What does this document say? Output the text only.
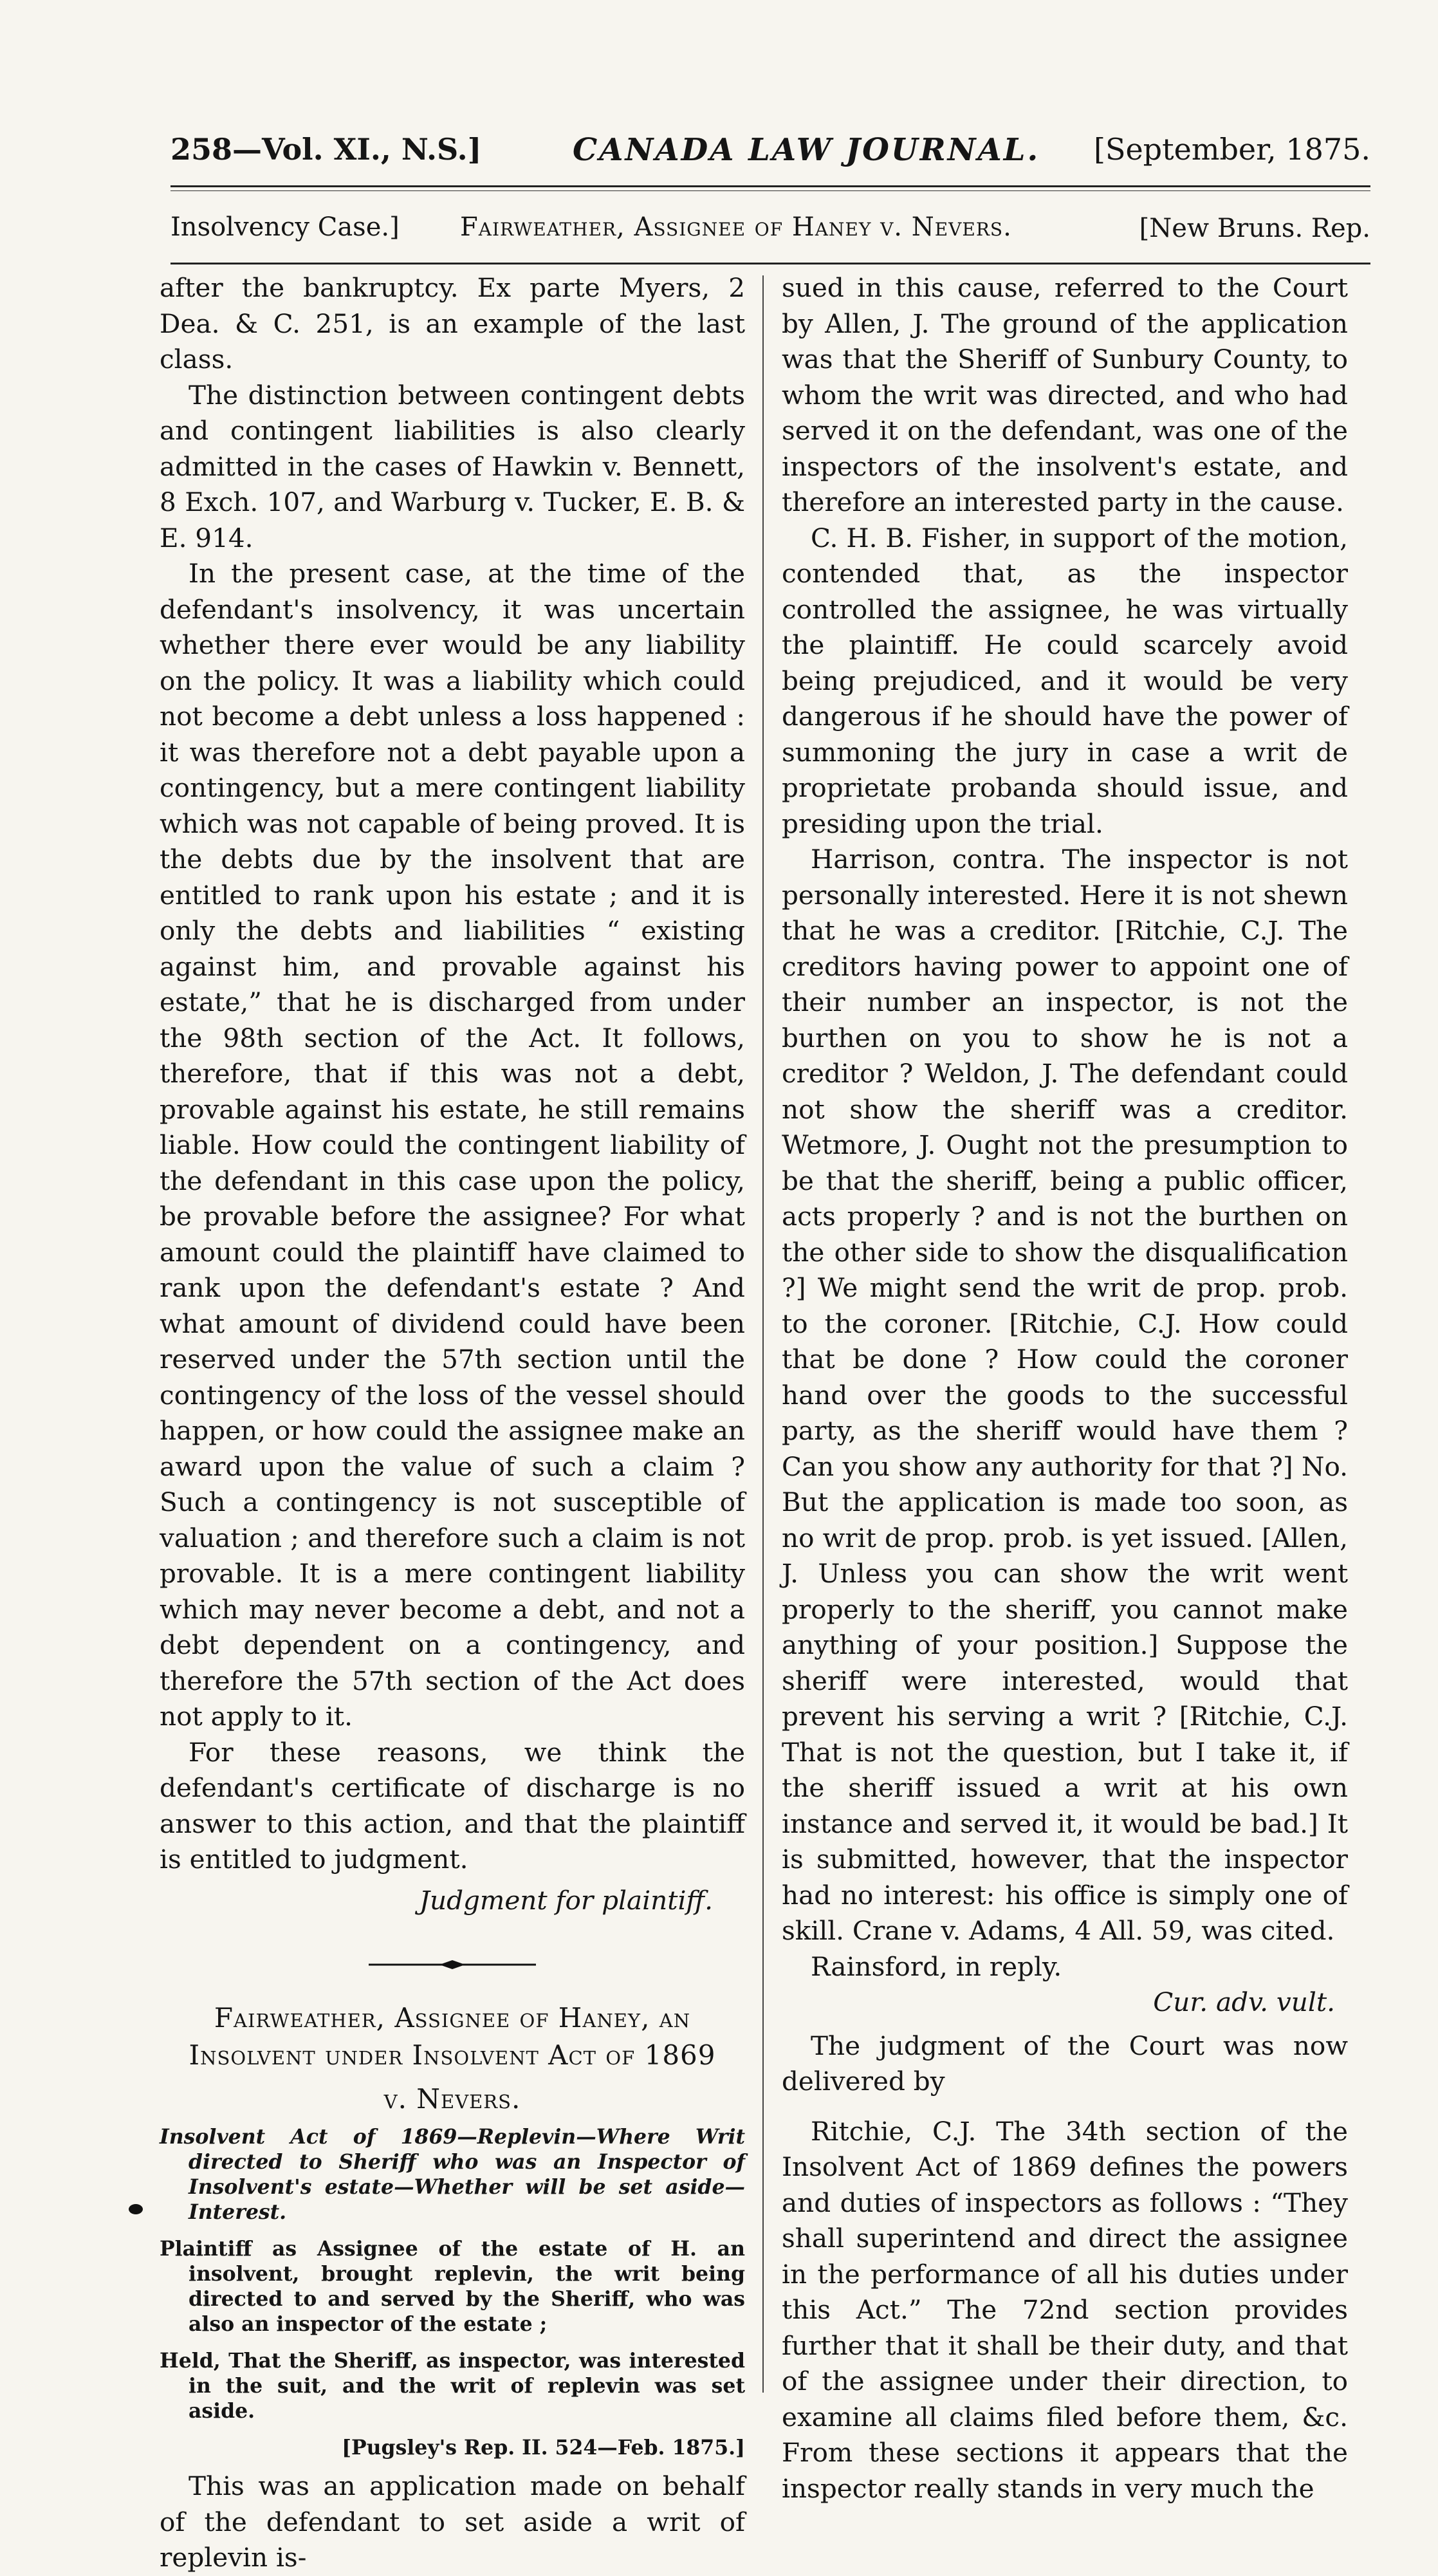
258—Vol. XI., N.S.]	CANADA LAW JOURNAL. [September, 1875.
Insolvency Case.] Fairweather, Assignee of Haney v. Nevers.	[New Bruns. Rep.

after the bankruptcy. Ex parte Myers, 2 Dea. & C. 251, is an example of the last class.

The distinction between contingent debts and contingent liabilities is also clearly admitted in the cases of Hawkin v. Bennett, 8 Exch. 107, and Warburg v. Tucker, E. B. & E. 914.

In the present case, at the time of the defendant's insolvency, it was uncertain whether there ever would be any liability on the policy. It was a liability which could not become a debt unless a loss happened : it was therefore not a debt payable upon a contingency, but a mere contingent liability which was not capable of being proved. It is the debts due by the insolvent that are entitled to rank upon his estate ; and it is only the debts and liabilities “ existing against him, and provable against his estate,” that he is discharged from under the 98th section of the Act. It follows, therefore, that if this was not a debt, provable against his estate, he still remains liable. How could the contingent liability of the defendant in this case upon the policy, be provable before the assignee? For what amount could the plaintiff have claimed to rank upon the defendant's estate ? And what amount of dividend could have been reserved under the 57th section until the contingency of the loss of the vessel should happen, or how could the assignee make an award upon the value of such a claim ? Such a contingency is not susceptible of valuation ; and therefore such a claim is not provable. It is a mere contingent liability which may never become a debt, and not a debt dependent on a contingency, and therefore the 57th section of the Act does not apply to it.

For these reasons, we think the defendant's certificate of discharge is no answer to this action, and that the plaintiff is entitled to judgment.

Judgment for plaintiff.

Fairweather, Assignee of Haney, an Insolvent under Insolvent Act of 1869

v. Nevers.

Insolvent Act of 1869—Replevin—Where Writ directed to Sheriff who was an Inspector of Insolvent's estate—Whether will be set aside—Interest.

Plaintiff as Assignee of the estate of H. an insolvent, brought replevin, the writ being directed to and served by the Sheriff, who was also an inspector of the estate ;

Held, That the Sheriff, as inspector, was interested in the suit, and the writ of replevin was set aside.

[Pugsley's Rep. II. 524—Feb. 1875.]

This was an application made on behalf of the defendant to set aside a writ of replevin is-

sued in this cause, referred to the Court by Allen, J. The ground of the application was that the Sheriff of Sunbury County, to whom the writ was directed, and who had served it on the defendant, was one of the inspectors of the insolvent's estate, and therefore an interested party in the cause.

C. H. B. Fisher, in support of the motion, contended that, as the inspector controlled the assignee, he was virtually the plaintiff. He could scarcely avoid being prejudiced, and it would be very dangerous if he should have the power of summoning the jury in case a writ de proprietate probanda should issue, and presiding upon the trial.

Harrison, contra. The inspector is not personally interested. Here it is not shewn that he was a creditor. [Ritchie, C.J. The creditors having power to appoint one of their number an inspector, is not the burthen on you to show he is not a creditor ? Weldon, J. The defendant could not show the sheriff was a creditor. Wetmore, J. Ought not the presumption to be that the sheriff, being a public officer, acts properly ? and is not the burthen on the other side to show the disqualification ?] We might send the writ de prop. prob. to the coroner. [Ritchie, C.J. How could that be done ? How could the coroner hand over the goods to the successful party, as the sheriff would have them ? Can you show any authority for that ?] No. But the application is made too soon, as no writ de prop. prob. is yet issued. [Allen, J. Unless you can show the writ went properly to the sheriff, you cannot make anything of your position.] Suppose the sheriff were interested, would that prevent his serving a writ ? [Ritchie, C.J. That is not the question, but I take it, if the sheriff issued a writ at his own instance and served it, it would be bad.] It is submitted, however, that the inspector had no interest: his office is simply one of skill. Crane v. Adams, 4 All. 59, was cited.

Rainsford, in reply.

Cur. adv. vult.

The judgment of the Court was now delivered by

Ritchie, C.J. The 34th section of the Insolvent Act of 1869 defines the powers and duties of inspectors as follows : “They shall superintend and direct the assignee in the performance of all his duties under this Act.” The 72nd section provides further that it shall be their duty, and that of the assignee under their direction, to examine all claims filed before them, &c. From these sections it appears that the inspector really stands in very much the
